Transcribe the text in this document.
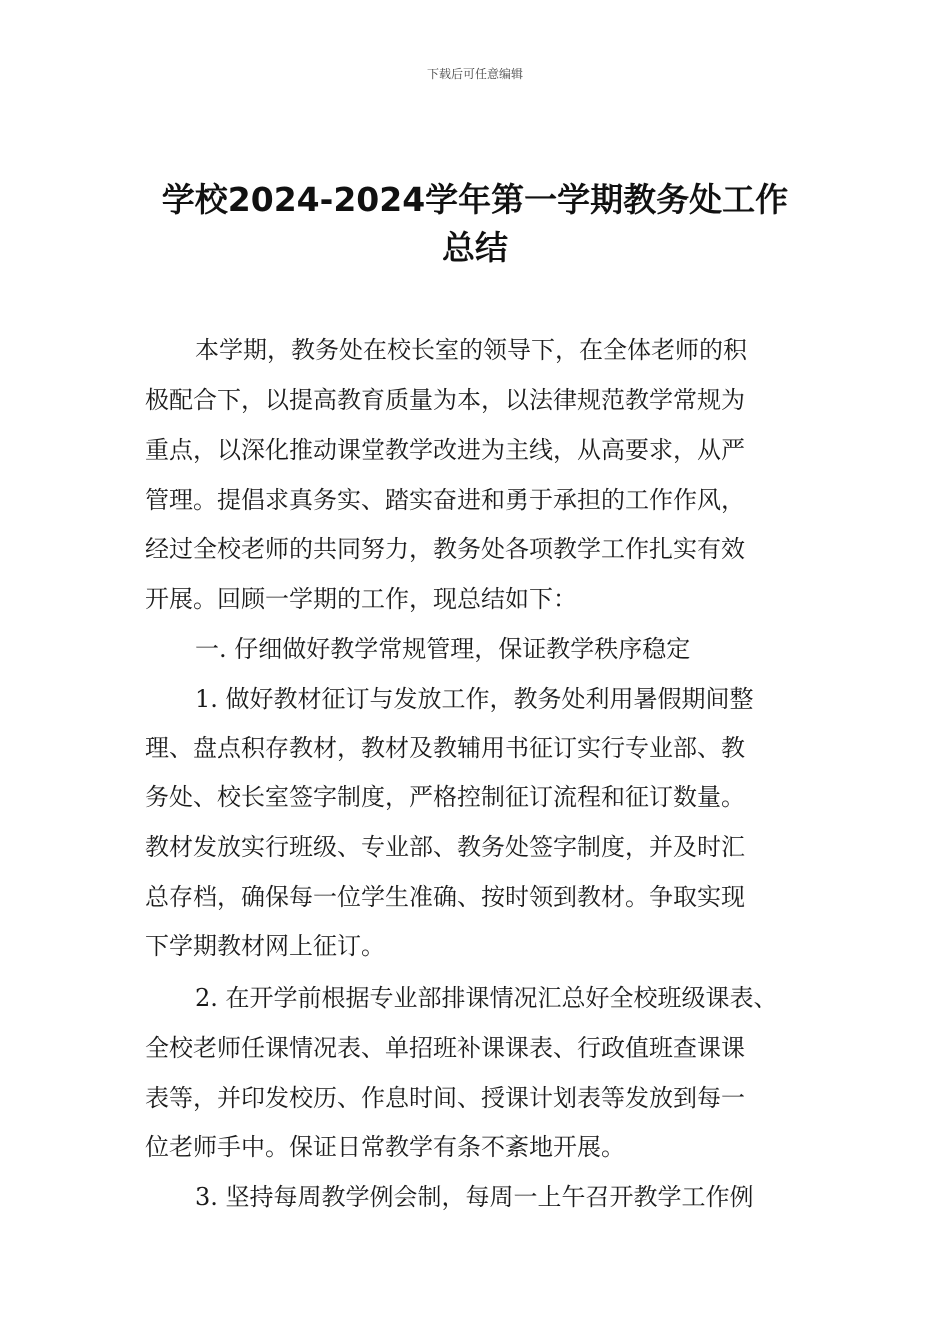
下载后可任意编辑
学校2024-2024学年第一学期教务处工作
总结
本学期，教务处在校长室的领导下，在全体老师的积
极配合下，以提高教育质量为本，以法律规范教学常规为
重点，以深化推动课堂教学改进为主线，从高要求，从严
管理。提倡求真务实、踏实奋进和勇于承担的工作作风，
经过全校老师的共同努力，教务处各项教学工作扎实有效
开展。回顾一学期的工作，现总结如下：
一. 仔细做好教学常规管理，保证教学秩序稳定
1. 做好教材征订与发放工作，教务处利用暑假期间整
理、盘点积存教材，教材及教辅用书征订实行专业部、教
务处、校长室签字制度，严格控制征订流程和征订数量。
教材发放实行班级、专业部、教务处签字制度，并及时汇
总存档，确保每一位学生准确、按时领到教材。争取实现
下学期教材网上征订。
2. 在开学前根据专业部排课情况汇总好全校班级课表、
全校老师任课情况表、单招班补课课表、行政值班查课课
表等，并印发校历、作息时间、授课计划表等发放到每一
位老师手中。保证日常教学有条不紊地开展。
3. 坚持每周教学例会制，每周一上午召开教学工作例
